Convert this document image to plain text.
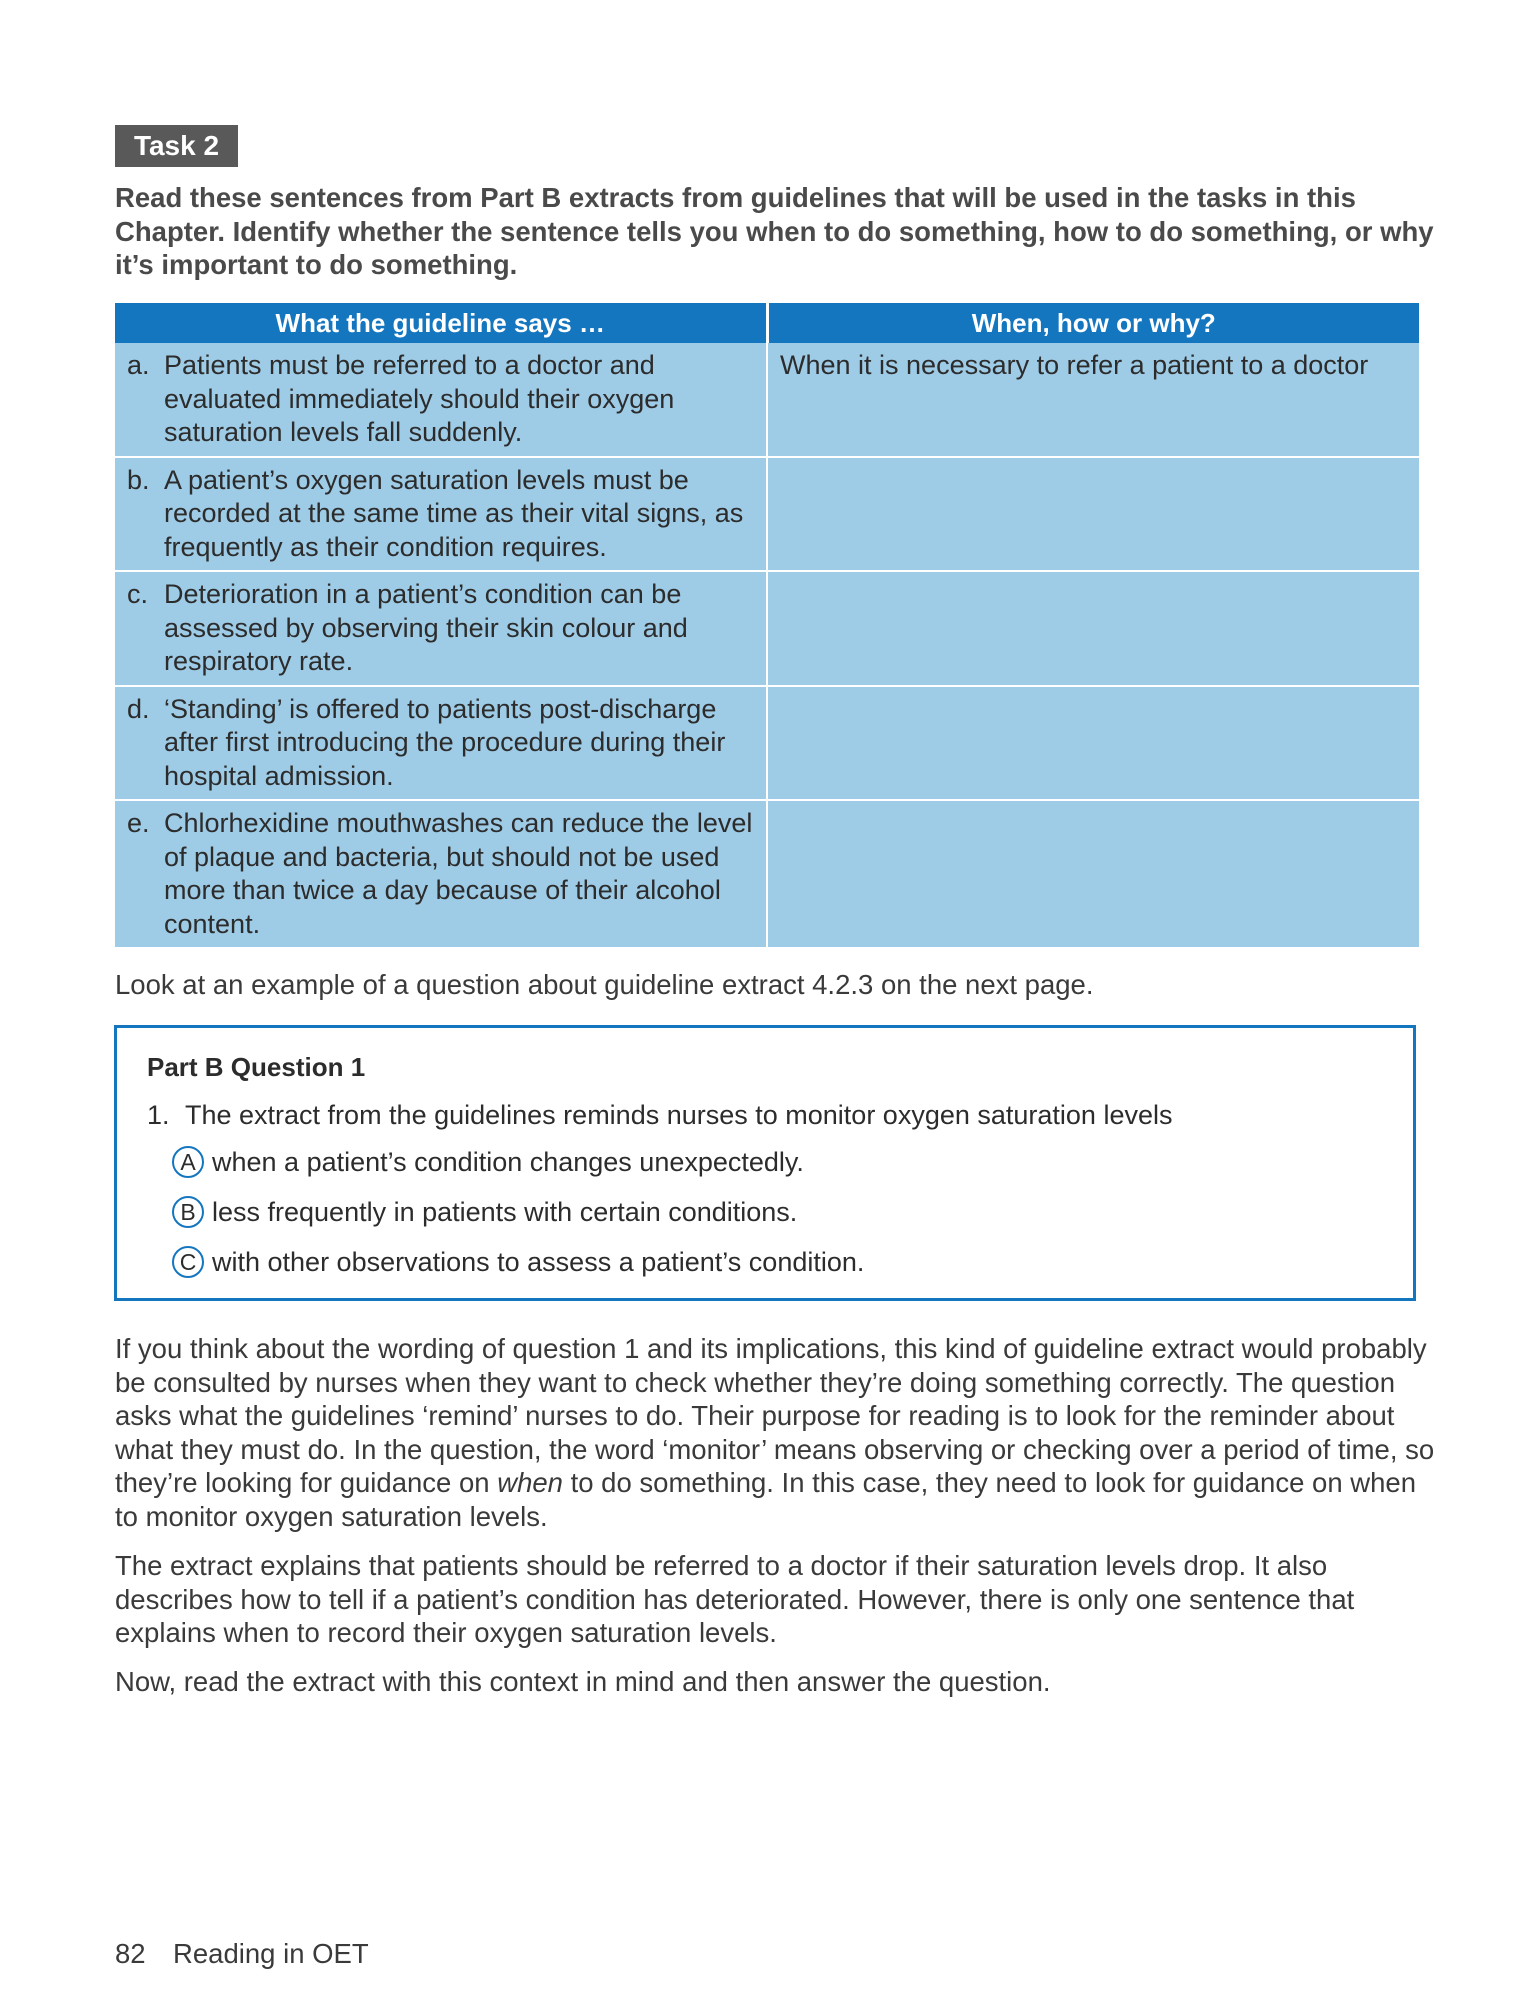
Task 2

Read these sentences from Part B extracts from guidelines that will be used in the tasks in this Chapter. Identify whether the sentence tells you when to do something, how to do something, or why it’s important to do something.

What the guideline says …	When, how or why?

a. Patients must be referred to a doctor and evaluated immediately should their oxygen saturation levels fall suddenly.	When it is necessary to refer a patient to a doctor

b. A patient’s oxygen saturation levels must be recorded at the same time as their vital signs, as frequently as their condition requires.	

c. Deterioration in a patient’s condition can be assessed by observing their skin colour and respiratory rate.	

d. ‘Standing’ is offered to patients post-discharge after first introducing the procedure during their hospital admission.	

e. Chlorhexidine mouthwashes can reduce the level of plaque and bacteria, but should not be used more than twice a day because of their alcohol content.	

Look at an example of a question about guideline extract 4.2.3 on the next page.

Part B Question 1
1. The extract from the guidelines reminds nurses to monitor oxygen saturation levels
A when a patient’s condition changes unexpectedly.
B less frequently in patients with certain conditions.
C with other observations to assess a patient’s condition.

If you think about the wording of question 1 and its implications, this kind of guideline extract would probably be consulted by nurses when they want to check whether they’re doing something correctly. The question asks what the guidelines ‘remind’ nurses to do. Their purpose for reading is to look for the reminder about what they must do. In the question, the word ‘monitor’ means observing or checking over a period of time, so they’re looking for guidance on when to do something. In this case, they need to look for guidance on when to monitor oxygen saturation levels.

The extract explains that patients should be referred to a doctor if their saturation levels drop. It also describes how to tell if a patient’s condition has deteriorated. However, there is only one sentence that explains when to record their oxygen saturation levels.

Now, read the extract with this context in mind and then answer the question.

82 Reading in OET
